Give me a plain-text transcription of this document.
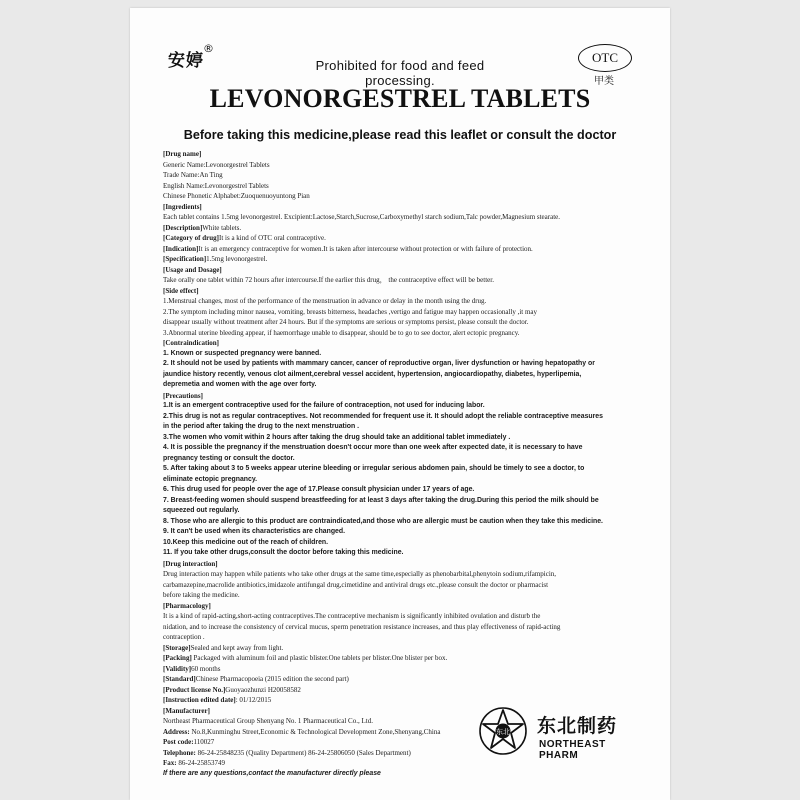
安婷
®
Prohibited for food and feed processing.
OTC
甲类
LEVONORGESTREL TABLETS
Before taking this medicine,please read this leaflet or consult the doctor
[Drug name]
Generic Name:Levonorgestrel Tablets
Trade Name:An Ting
English Name:Levonorgestrel Tablets
Chinese Phonetic Alphabet:Zuoquenuoyuntong Pian
[Ingredients]
Each tablet contains 1.5mg levonorgestrel. Excipient:Lactose,Starch,Sucrose,Carboxymethyl starch sodium,Talc powder,Magnesium stearate.
[Description]White tablets.
[Category of drug]It is a kind of OTC oral contraceptive.
[Indication]It is an emergency contraceptive for women.It is taken after intercourse without protection or with failure of protection.
[Specification]1.5mg levonorgestrel.
[Usage and Dosage]
Take orally one tablet within 72 hours after intercourse.If the earlier this drug， the contraceptive effect will be better.
[Side effect]
1.Menstrual changes, most of the performance of the menstruation in advance or delay in the month using the drug.
2.The symptom including minor nausea, vomiting, breasts bitterness, headaches ,vertigo and fatigue may happen occasionally ,it may
disappear usually without treatment after 24 hours. But if the symptoms are serious or symptoms persist, please consult the doctor.
3.Abnormal uterine bleeding appear, if haemorrhage unable to disappear, should be to go to see doctor, alert ectopic pregnancy.
[Contraindication]
1. Known or suspected pregnancy were banned.
2. It should not be used by patients with mammary cancer, cancer of reproductive organ, liver dysfunction or having hepatopathy or
jaundice history recently, venous clot ailment,cerebral vessel accident, hypertension, angiocardiopathy, diabetes, hyperlipemia,
depremetia and women with the age over forty.
[Precautions]
1.It is an emergent contraceptive used for the failure of contraception, not used for inducing labor.
2.This drug is not as regular contraceptives. Not recommended for frequent use it. It should adopt the reliable contraceptive measures
in the period after taking the drug to the next menstruation .
3.The women who vomit within 2 hours after taking the drug should take an additional tablet immediately .
4. It is possible the pregnancy if the menstruation doesn't occur more than one week after expected date, it is necessary to have
pregnancy testing or consult the doctor.
5. After taking about 3 to 5 weeks appear uterine bleeding or irregular serious abdomen pain, should be timely to see a doctor, to
eliminate ectopic pregnancy.
6. This drug used for people over the age of 17.Please consult physician under 17 years of age.
7. Breast-feeding women should suspend breastfeeding for at least 3 days after taking the drug.During this period the milk should be
squeezed out regularly.
8. Those who are allergic to this product are contraindicated,and those who are allergic must be caution when they take this medicine.
9. It can't be used when its characteristics are changed.
10.Keep this medicine out of the reach of children.
11. If you take other drugs,consult the doctor before taking this medicine.
[Drug interaction]
Drug interaction may happen while patients who take other drugs at the same time,especially as phenobarbital,phenytoin sodium,rifampicin,
carbamazepine,macrolide antibiotics,imidazole antifungal drug,cimetidine and antiviral drugs etc.,please consult the doctor or pharmacist
before taking the medicine.
[Pharmacology]
It is a kind of rapid-acting,short-acting contraceptives.The contraceptive mechanism is significantly inhibited ovulation and disturb the
nidation, and to increase the consistency of cervical mucus, sperm penetration resistance increases, and thus play effectiveness of rapid-acting
contraception .
[Storage]Sealed and kept away from light.
[Packing] Packaged with aluminum foil and plastic blister.One tablets per blister.One blister per box.
[Validity]60 months
[Standard]Chinese Pharmacopoeia (2015 edition the second part)
[Product license No.]Guoyaozhunzi H20058582
[Instruction edited date]: 01/12/2015
[Manufacturer]
Northeast Pharmaceutical Group Shenyang No. 1 Pharmaceutical Co., Ltd.
Address: No.8,Kunminghu Street,Economic & Technological Development Zone,Shenyang,China
Post code:110027
Telephone: 86-24-25848235 (Quality Department) 86-24-25806050 (Sales Department)
Fax: 86-24-25853749
If there are any questions,contact the manufacturer directly please
东北 东北制药
NORTHEAST PHARM
